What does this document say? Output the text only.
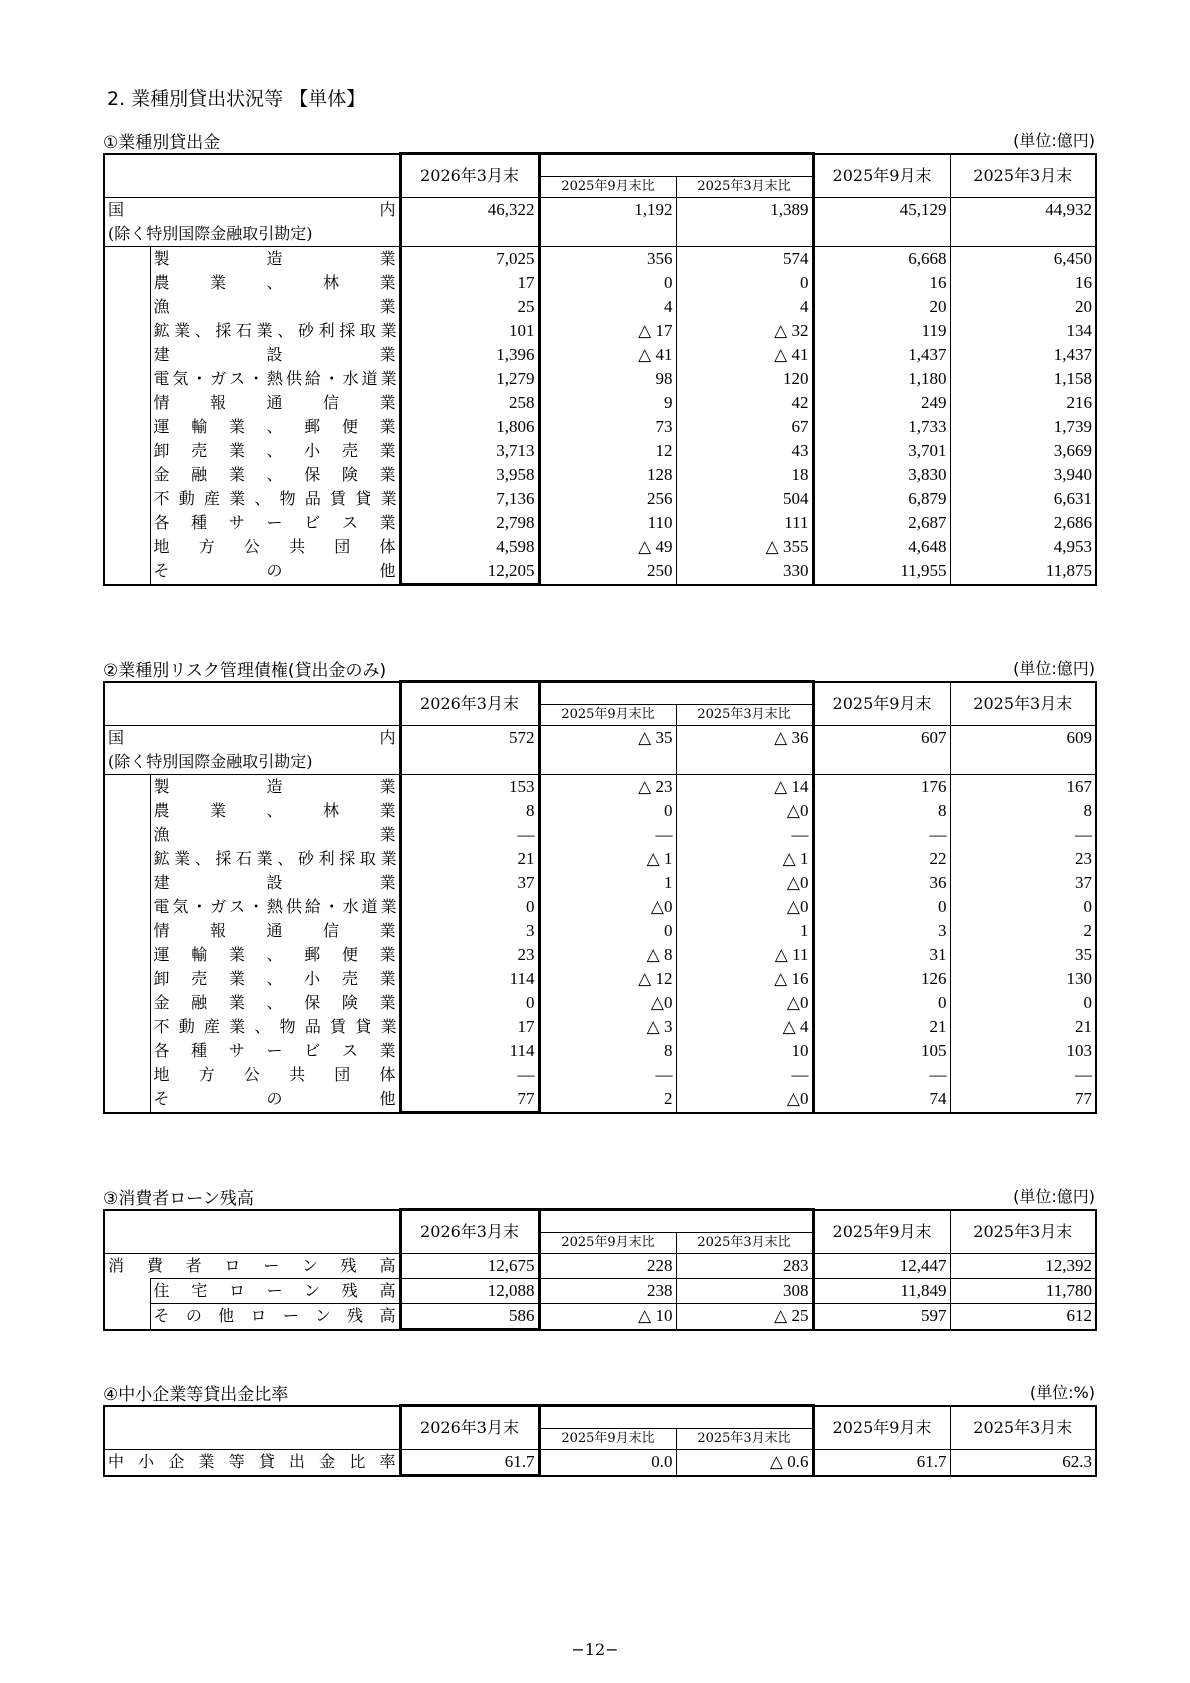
2. 業種別貸出状況等 【単体】
①業種別貸出金	(単位:億円)
		2026年3月末			2025年9月末	2025年3月末
			2025年9月末比	2025年3月末比		

国 内		46,322	1,192	1,389	45,129	44,932
(除く特別国際金融取引勘定)						
	製造業	7,025	356	574	6,668	6,450
	農業、林業	17	0	0	16	16
	漁業	25	4	4	20	20
	鉱業、採石業、砂利採取業	101	△ 17	△ 32	119	134
	建設業	1,396	△ 41	△ 41	1,437	1,437
	電気・ガス・熱供給・水道業	1,279	98	120	1,180	1,158
	情報通信業	258	9	42	249	216
	運輸業、郵便業	1,806	73	67	1,733	1,739
	卸売業、小売業	3,713	12	43	3,701	3,669
	金融業、保険業	3,958	128	18	3,830	3,940
	不動産業、物品賃貸業	7,136	256	504	6,879	6,631
	各種サービス業	2,798	110	111	2,687	2,686
	地方公共団体	4,598	△ 49	△ 355	4,648	4,953
	その他	12,205	250	330	11,955	11,875
②業種別リスク管理債権(貸出金のみ)	(単位:億円)
		2026年3月末			2025年9月末	2025年3月末
			2025年9月末比	2025年3月末比		

国 内		572	△ 35	△ 36	607	609
(除く特別国際金融取引勘定)						
	製造業	153	△ 23	△ 14	176	167
	農業、林業	8	0	△0	8	8
	漁業	—	—	—	—	—
	鉱業、採石業、砂利採取業	21	△ 1	△ 1	22	23
	建設業	37	1	△0	36	37
	電気・ガス・熱供給・水道業	0	△0	△0	0	0
	情報通信業	3	0	1	3	2
	運輸業、郵便業	23	△ 8	△ 11	31	35
	卸売業、小売業	114	△ 12	△ 16	126	130
	金融業、保険業	0	△0	△0	0	0
	不動産業、物品賃貸業	17	△ 3	△ 4	21	21
	各種サービス業	114	8	10	105	103
	地方公共団体	—	—	—	—	—
	その他	77	2	△0	74	77
③消費者ローン残高	(単位:億円)
		2026年3月末			2025年9月末	2025年3月末
			2025年9月末比	2025年3月末比		
消費者ローン残高		12,675	228	283	12,447	12,392
	住宅ローン残高	12,088	238	308	11,849	11,780
	その他ローン残高	586	△ 10	△ 25	597	612
④中小企業等貸出金比率	(単位:%)
	2026年3月末			2025年9月末	2025年3月末
		2025年9月末比	2025年3月末比		
中小企業等貸出金比率	61.7	0.0	△ 0.6	61.7	62.3
−12−
